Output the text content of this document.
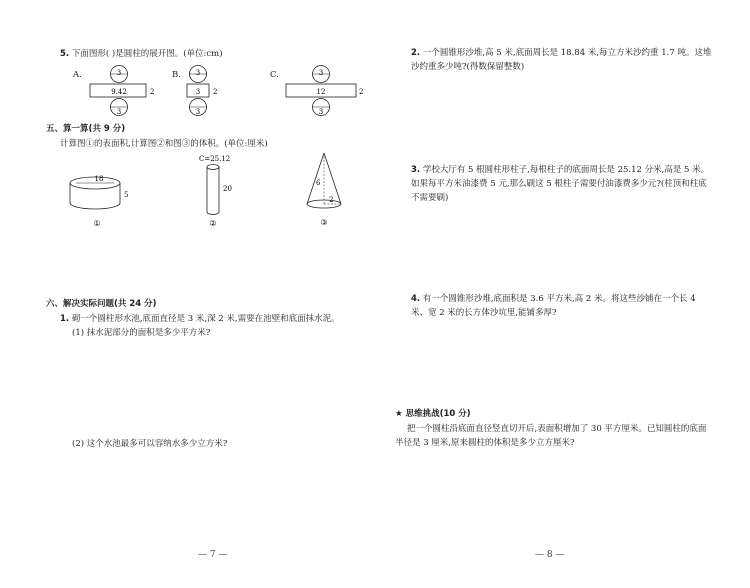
5. 下面图形( )是圆柱的展开图。(单位:cm)
A.	3
9.42
3
2
B. 3
3
3
2
C.	3
12
3
2
五、算一算(共 9 分)
计算图①的表面积,计算图②和图③的体积。(单位:厘米)
18
5
①
C=25.12
20
②
6
2
③
六、解决实际问题(共 24 分)
1. 砌一个圆柱形水池,底面直径是 3 米,深 2 米,需要在池壁和底面抹水泥。
(1) 抹水泥部分的面积是多少平方米?
(2) 这个水池最多可以容纳水多少立方米?
— 7 —
2. 一个圆锥形沙堆,高 5 米,底面周长是 18.84 米,每立方米沙约重 1.7 吨。这堆沙约重多少吨?(得数保留整数)
3. 学校大厅有 5 根圆柱形柱子,每根柱子的底面周长是 25.12 分米,高是 5 米。如果每平方米油漆费 5 元,那么刷这 5 根柱子需要付油漆费多少元?(柱顶和柱底不需要刷)
4. 有一个圆锥形沙堆,底面积是 3.6 平方米,高 2 米。将这些沙铺在一个长 4 米、宽 2 米的长方体沙坑里,能铺多厚?
★ 思维挑战(10 分)
把一个圆柱沿底面直径竖直切开后,表面积增加了 30 平方厘米。已知圆柱的底面半径是 3 厘米,原来圆柱的体积是多少立方厘米?
— 8 —
